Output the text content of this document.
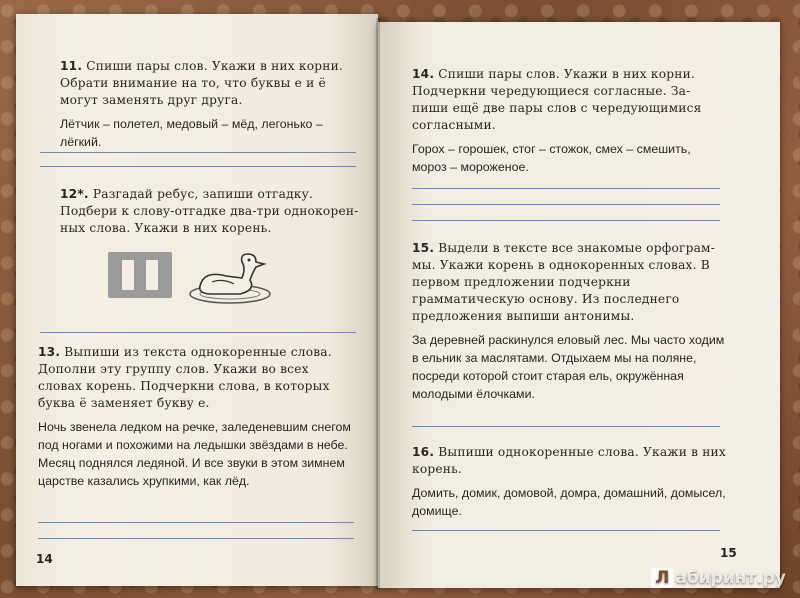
11. Спиши пары слов. Укажи в них корни. Обрати внимание на то, что буквы е и ё могут заменять друг друга.

Лётчик – полетел, медовый – мёд, легонько – лёгкий.

12*. Разгадай ребус, запиши отгадку. Подбери к слову-отгадке два-три однокоренных слова. Укажи в них корень.

13. Выпиши из текста однокоренные слова. Дополни эту группу слов. Укажи во всех словах корень. Подчеркни слова, в которых буква ё заменяет букву е.

Ночь звенела ледком на речке, заледеневшим снегом под ногами и похожими на ледышки звёздами в небе. Месяц поднялся ледяной. И все звуки в этом зимнем царстве казались хрупкими, как лёд.

14

14. Спиши пары слов. Укажи в них корни. Подчеркни чередующиеся согласные. Запиши ещё две пары слов с чередующимися согласными.

Горох – горошек, стог – стожок, смех – смешить, мороз – мороженое.

15. Выдели в тексте все знакомые орфограммы. Укажи корень в однокоренных словах. В первом предложении подчеркни грамматическую основу. Из последнего предложения выпиши антонимы.

За деревней раскинулся еловый лес. Мы часто ходим в ельник за маслятами. Отдыхаем мы на поляне, посреди которой стоит старая ель, окружённая молодыми ёлочками.

16. Выпиши однокоренные слова. Укажи в них корень.

Домить, домик, домовой, домра, домашний, домысел, домище.

15
Л абиринт.ру
